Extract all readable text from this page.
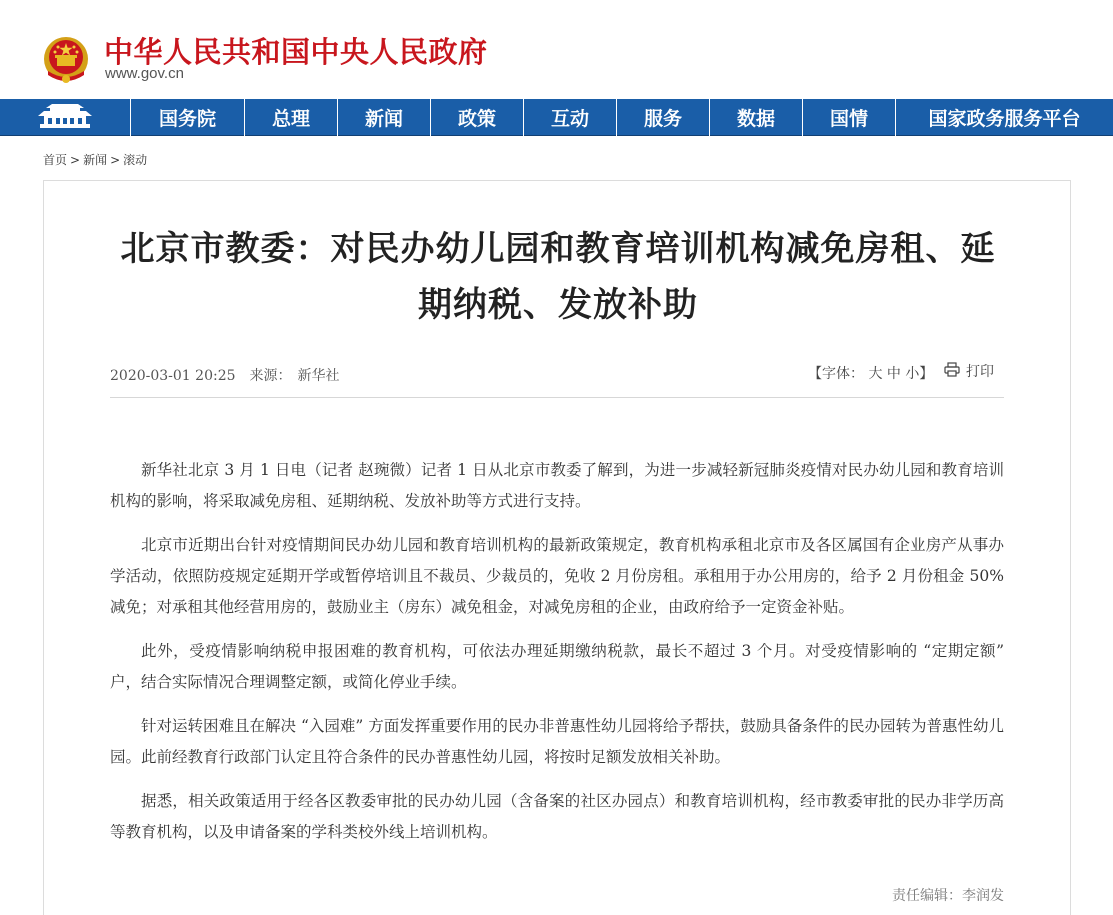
中华人民共和国中央人民政府
www.gov.cn
国务院	总理	新闻	政策	互动	服务	数据	国情	国家政务服务平台
首页 > 新闻 > 滚动
北京市教委：对民办幼儿园和教育培训机构减免房租、延期纳税、发放补助
2020-03-01 20:25 来源： 新华社	【字体： 大 中 小】 打印

新华社北京 3 月 1 日电（记者 赵琬微）记者 1 日从北京市教委了解到，为进一步减轻新冠肺炎疫情对民办幼儿园和教育培训机构的影响，将采取减免房租、延期纳税、发放补助等方式进行支持。

北京市近期出台针对疫情期间民办幼儿园和教育培训机构的最新政策规定，教育机构承租北京市及各区属国有企业房产从事办学活动，依照防疫规定延期开学或暂停培训且不裁员、少裁员的，免收 2 月份房租。承租用于办公用房的，给予 2 月份租金 50% 减免；对承租其他经营用房的，鼓励业主（房东）减免租金，对减免房租的企业，由政府给予一定资金补贴。

此外，受疫情影响纳税申报困难的教育机构，可依法办理延期缴纳税款，最长不超过 3 个月。对受疫情影响的 “定期定额” 户，结合实际情况合理调整定额，或简化停业手续。

针对运转困难且在解决 “入园难” 方面发挥重要作用的民办非普惠性幼儿园将给予帮扶，鼓励具备条件的民办园转为普惠性幼儿园。此前经教育行政部门认定且符合条件的民办普惠性幼儿园，将按时足额发放相关补助。

据悉，相关政策适用于经各区教委审批的民办幼儿园（含备案的社区办园点）和教育培训机构，经市教委审批的民办非学历高等教育机构，以及申请备案的学科类校外线上培训机构。

责任编辑：李润发
